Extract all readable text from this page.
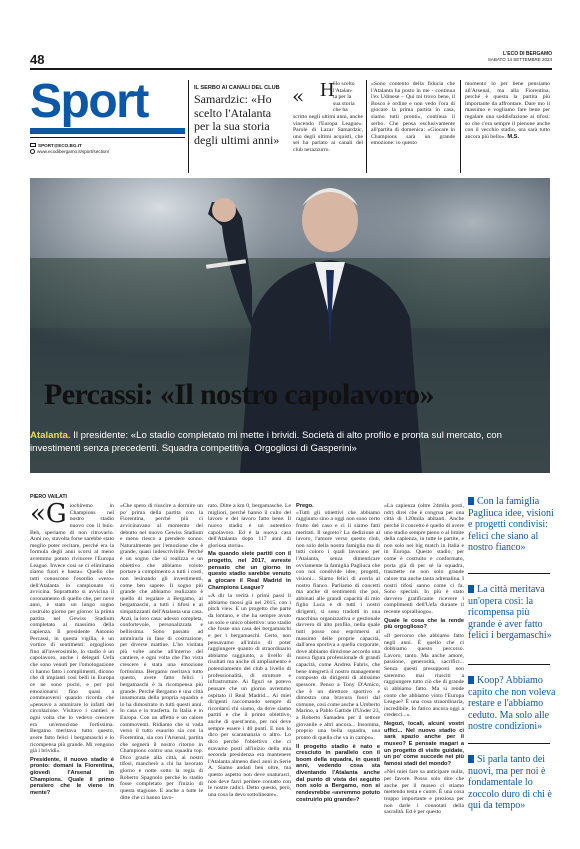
48	L'ECO DI BERGAMO
SABATO 14 SETTEMBRE 2024
Sport
SPORT@ECO.BG.IT
www.ecodibergamo.it/sport/section/
IL SERBO AI CANALI DEL CLUB
Samardzic: «Ho scelto l'Atalanta per la sua storia degli ultimi anni»
« H
Ho scelto
l'Atalan-
ta per la
sua storia
che ha
scritto negli ultimi anni, anche vincendo l'Europa League». Parole di Lazar Samardzic, uno degli ultimi acquisti, che sei ha parlato ai canali del club nerazzurro.
«Sono contento della fiducia che l'Atalanta ha posto in me - continua l'ex Udinese – Qui mi trovo bene, il Bosco è ordine e non vedo l'ora di giocare la prima partita in casa, siamo tutti pronti», continua il serbo. Che pensa esclusivamente all'partita di domenica: «Giocare in Champions sarà un grande emozione: io questo
momento lo per bene pensiamo all'Arsenal, ma alla Fiorentina, perché è questa la partita più importante da affrontare. Dare mo il massimo e vogliamo fare bene per regalare una soddisfazione ai tifosi: so che c'era sempre il pienone anche con il vecchio stadio, ora sarà tutto ancora più bello». M.S.
Percassi: «Il nostro capolavoro»
Atalanta. Il presidente: «Lo stadio completato mi mette i brividi. Società di alto profilo e pronta sul mercato, con investimenti senza precedenti. Squadra competitiva. Orgogliosi di Gasperini»
PIERO VAILATI

«G iochiremo in Champions nel nostro stadio nuovo con il buio. Beh, speriamo di non ritrovarlo. Anni no, stavolta forse sarebbe stato meglio poter recitare, perché era la formula degli anni scorsi al meno avremmo potuto rivincere l'Europa League. Invece così se ci eliminano siamo fuori e basta». Quello che tutti conoscono l'esordio «vero» dell'Atalanta in campionato si avvicina. Soprattutto si avvicina il coronamento di quello che, per nove anni, è stato un lungo sogno costruito giorno per giorno: la prima partita nel Gewiss Stadium completato al massimo della capienza. Il presidente Antonio Percassi, in questa vigilia, è un vortice di sentimenti: orgoglioso fino all'inverosimile, lo stadio è un capolavoro, anche i delegati Uefa che sono venuti per l'omologazione ci hanno fatto i complimenti, dicono che di impianti così belli in Europa ce ne sono pochi, e per poi emozionarsi fino quasi a commuoversi quando ricorda che «pensavo a ammirare lo infatti del circolazione. Visitavo i cantieri e ogni volta che lo vedevo crescere era un'emozione fortissima. Bergamo meritava tutto questo, avere fatto felici i bergamaschi e lo ricompensa più grande. Mi vengono già i brividi».

Presidente, il nuovo stadio è pronto: domani la Fiorentina, giovedì l'Arsenal in Champions. Quale il primo pensiero che le viene in mente?

«Che spero di riuscire a dormire un po' prima della partita con la Fiorentina, perché più ci avvicinavano al momento del debutto nel nuovo Gewiss Stadium e meno riesco a prendere sonno. Naturalmente per l'emozione che è grande, quasi indescrivibile. Perché è un sogno che si realizza e un obiettivo che abbiamo voluto portare a compimento a tutti i costi, non lesinando gli investimenti, come ben sapete. Il sogno più grande che abbiamo realizzato è quello di regalare a Bergamo, ai bergamaschi, a tutti i tifosi e ai simpatizzanti dell'Atalanta una casa. Anzi, la loro casa: adesso completa, confortevole, personalizzata e bellissima. Sono passato ad ammirarla in fase di costruzione, per diverse mattine. L'ho visitata più volte anche all'interno del cantiere, e ogni volta che l'ho vista crescere è stata una emozione fortissima. Bergamo meritava tutto questo, avere fatto felici i bergamaschi è la ricompensa più grande. Perché Bergamo è una città innamorata della propria squadra e lo ha dimostrato in tutti questi anni. In casa e in trasferta. In Italia e in Europa. Con un affetto e un calore commoventi. Ridiamo che si vada verso il tutto esaurito sia con la Fiorentina, sia con l'Arsenal, partita che segnerà il nostro ritorno in Champions contro una squadra top. Dico grazie alla città, ai nostri tifosi, mancherò a chi ha lavorato giorno e notte sotto la regia di Roberto Spagnolo perché lo stadio fosse completato per l'inizio di questa stagione. E anche a tutte le ditte che ci hanno lavo-

rato. Ditte a km 0, bergamasche. Le migliori, perché hanno il culto del lavoro e del lavoro fatto bene. Il nuovo stadio è un autentico capolavoro. Ed è la nuova casa dell'Atalanta dopo 117 anni di gloriosa storia».

Ma quando siete partiti con il progetto, nel 2017, avreste pensato che un giorno in questo stadio sarebbe venuto a giocare il Real Madrid in Champions League?

«A dir la verità i primi passi li abbiamo mossi già nel 2015, con i pitch view. E un progetto che parte da lontano, e che ha sempre avuto un solo e unico obiettivo: uno stadio che fosse una casa dei bergamaschi e per i bergamaschi. Certo, non pensavamo all'inizio di poter raggiungere quanto di straordinario abbiamo raggiunto, a livello di risultati ma anche di ampliamento e potenziamento del club a livello di professionalità, di strutture e infrastrutture. Ai figuri se potevo pensare che un giorno avremmo ospitato il Real Madrid... Ai miei dirigenti raccomando sempre di ricordarsi chi siamo, da dove siamo partiti e che il primo obiettivo, anche di quest'anno, per noi deve sempre essere i 40 punti. E non lo dico per scaramanzia o altro. Lo dico perché l'obiettivo che ci eravamo posti all'inizio della mia seconda presidenza era mantenere l'Atalanta almeno dieci anni in Serie A. Siamo andati ben oltre, ma questo aspetto non deve snaturarci, non deve farci perdere contatto con le nostre radici. Detto questo, però, una cosa la devo sottolineare».

Prego.

«Tutti gli obiettivi che abbiamo raggiunto sino a oggi non sono certo frutto del caso e ci li siamo fatti meritati. Il segreto? La dedizione al lavoro, l'amore verso questo club, non solo della nostra famiglia ma di tutti coloro i quali lavorano per l'Atalanta, senza dimenticare ovviamente la famiglia Pagliuca che con noi condivide idee, progetti, visioni... Siamo felici di averla al nostro fianco. Parliamo di concetti ma anche di sentimenti che poi, abbinati alle grandi capacità di mio figlio Luca e di tutti i nostri dirigenti, si sono tradotti in una macchina organizzativa e gestionale davvero di alto profilo, nella quale tutti posso ono esprimersi al massimo delle proprie capacità, dall'area sportiva a quella corporate, dove abbiamo direzione accordo una nuova figura professionale di grandi capacità, come Andrea Fabris, che bene integrerà il nostro management composto da dirigenti di altissimo spessore. Penso a Tony D'Amico, che è un direttore sportivo e dimostra una bravura fuori dal comune, così come anche a Umberto Marino, a Pablo Gattide ll'Under 23, a Roberto Samaden per il settore giovanile e altri ancora... Insomma, proprio una bella squadra, una pronto di quella che va in campo».

Il progetto stadio è nato e cresciuto in parallelo con il boom della squadra, in questi anni, vedendo cosa sta diventando l'Atalanta anche dal punto di vista dei seguito non solo a Bergamo, non si rendevrebbe «avremmo potuto costruirlo più grande»?

«La capienza (oltre 24mila posti, ndr) direi che è congrua per una città di 120mila abitanti. Anche perché il concetto è quello di avere uno stadio sempre pieno o al limite della capienza, in tutte le partite, e non solo nei big match in Italia e in Europa. Questo stadio, per come è costruito e conformato, porta già di per sé la squadra, trasmette ne non solo grande calore ma anche tanta adrenalina. I nostri tifosi sanno come ci fa. Sono speciali. In più è stato davvero gratificante ricevere i complimenti dell'Uefa durante il recente sopralluogo».

Quale le cosa che la rende più orgoglioso?

«Il percorso che abbiamo fatto negli anni. È quello che ci dobbiamo questo percorso. Lavoro, tanto. Ma anche amore, passione, generosità, sacrifici... Senza questi presupposti non saremmo mai riusciti a raggiungere tutto ciò che di grande si abbiamo fatto. Ma si rende conto che abbiamo vinto l'Europa League? È una cosa straordinaria, incredibile. Io fatico ancora oggi a crederci...».

Negozi, locali, alcuni vostri uffici... Nel nuovo stadio ci sarà spazio anche per il museo? E pensate magari a un progetto di visite guidate, un po' come succede nei più famosi stadi del mondo?

«Nei miei fare sa anticipare nulla, per favore. Posso solo dire che anche per il museo ci stiamo mettendo testa e cuore. È una cosa troppo importante e preziosa per non darle i connotati della sacralità. Ed è per questo

Con la famiglia Pagliuca idee, visioni e progetti condivisi: felici che siano al nostro fianco»
La città meritava un'opera così: la ricompensa più grande è aver fatto felici i bergamaschi»
Koop? Abbiamo capito che non voleva restare e l'abbiamo ceduto. Ma solo alle nostre condizioni»
Si parla tanto dei nuovi, ma per noi è fondamentale lo zoccolo duro di chi è qui da tempo»
